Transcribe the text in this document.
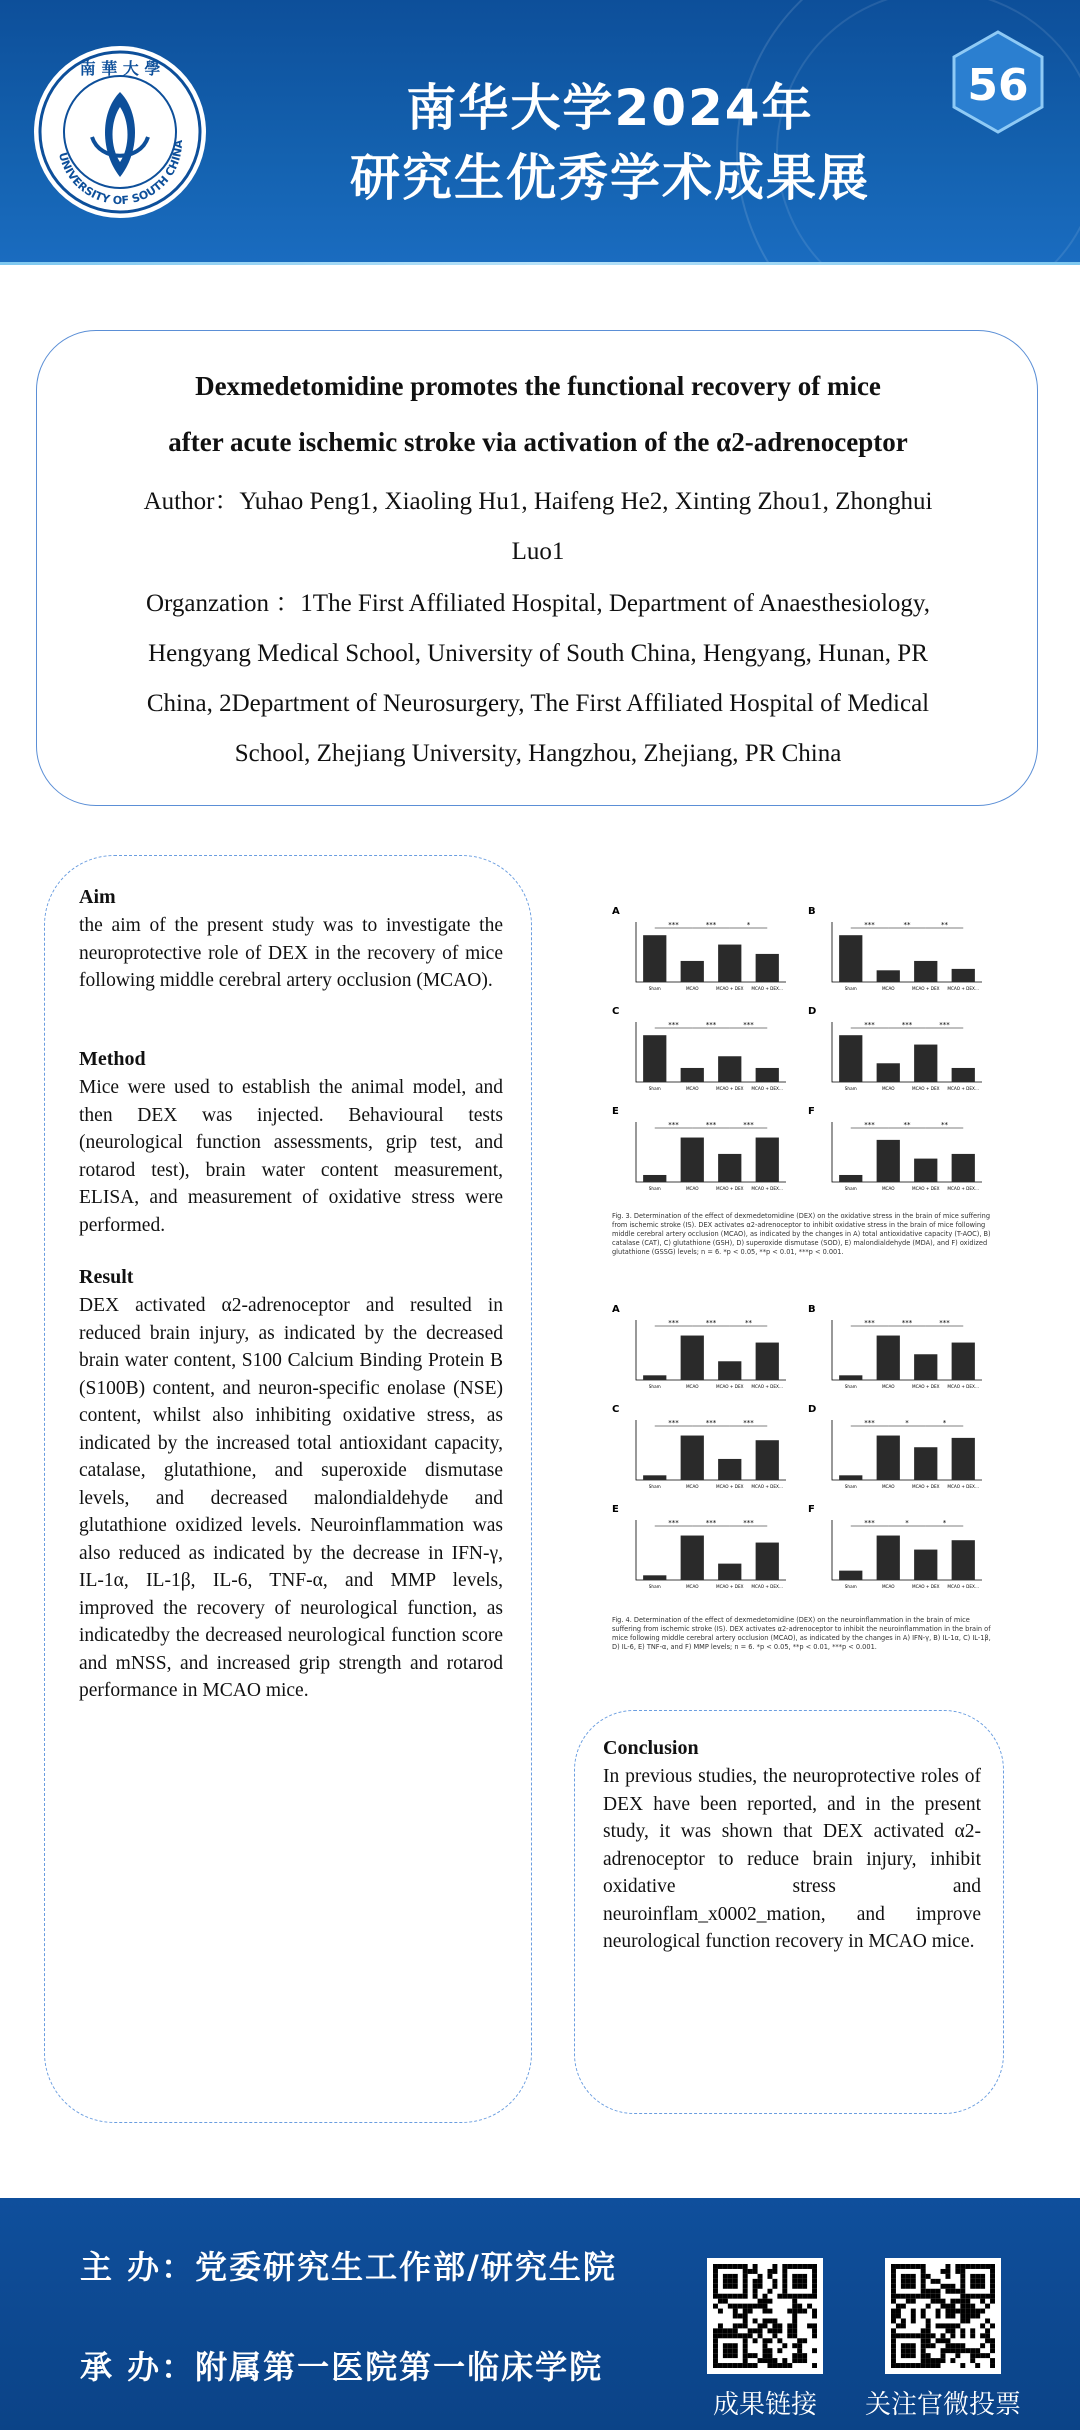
UNIVERSITY OF SOUTH CHINA
南 華 大 學
南华大学2024年
研究生优秀学术成果展
56
Dexmedetomidine promotes the functional recovery of mice
after acute ischemic stroke via activation of the α2-adrenoceptor
Author：Yuhao Peng1, Xiaoling Hu1, Haifeng He2, Xinting Zhou1, Zhonghui
Luo1
Organzation ：1The First Affiliated Hospital, Department of Anaesthesiology,
Hengyang Medical School, University of South China, Hengyang, Hunan, PR
China, 2Department of Neurosurgery, The First Affiliated Hospital of Medical
School, Zhejiang University, Hangzhou, Zhejiang, PR China
Aim
the aim of the present study was to investigate the neuroprotective role of DEX in the recovery of mice following middle cerebral artery occlusion (MCAO).
Method
Mice were used to establish the animal model, and then DEX was injected. Behavioural tests (neurological function assessments, grip test, and rotarod test), brain water content measurement, ELISA, and measurement of oxidative stress were performed.
Result
DEX activated α2-adrenoceptor and resulted in reduced brain injury, as indicated by the decreased brain water content, S100 Calcium Binding Protein B (S100B) content, and neuron-specific enolase (NSE) content, whilst also inhibiting oxidative stress, as indicated by the increased total antioxidant capacity, catalase, glutathione, and superoxide dismutase levels, and decreased malondialdehyde and glutathione oxidized levels. Neuroinflammation was also reduced as indicated by the decrease in IFN-γ, IL-1α, IL-1β, IL-6, TNF-α, and MMP levels, improved the recovery of neurological function, as indicatedby the decreased neurological function score and mNSS, and increased grip strength and rotarod performance in MCAO mice.
Fig. 3. Determination of the effect of dexmedetomidine (DEX) on the oxidative stress in the brain of mice suffering from ischemic stroke (IS). DEX activates α2-adrenoceptor to inhibit oxidative stress in the brain of mice following middle cerebral artery occlusion (MCAO), as indicated by the changes in A) total antioxidative capacity (T-AOC), B) catalase (CAT), C) glutathione (GSH), D) superoxide dismutase (SOD), E) malondialdehyde (MDA), and F) oxidized glutathione (GSSG) levels; n = 6. *p < 0.05, **p < 0.01, ***p < 0.001.
A
Sham	MCAO	MCAO + DEX MCAO + DEX…
***	***	*
B
Sham	MCAO	MCAO + DEX MCAO + DEX…
***	**	**
C
Sham	MCAO	MCAO + DEX MCAO + DEX…
***	***	***
D
Sham	MCAO	MCAO + DEX MCAO + DEX…
***	***	***
E
Sham	MCAO	MCAO + DEX MCAO + DEX…
***	***	***
F
Sham	MCAO	MCAO + DEX MCAO + DEX…
***	**	**
Fig. 4. Determination of the effect of dexmedetomidine (DEX) on the neuroinflammation in the brain of mice suffering from ischemic stroke (IS). DEX activates α2-adrenoceptor to inhibit the neuroinflammation in the brain of mice following middle cerebral artery occlusion (MCAO), as indicated by the changes in A) IFN-γ, B) IL-1α, C) IL-1β, D) IL-6, E) TNF-α, and F) MMP levels; n = 6. *p < 0.05, **p < 0.01, ***p < 0.001.
A
Sham	MCAO	MCAO + DEX MCAO + DEX…
***	***	**
B
Sham	MCAO	MCAO + DEX MCAO + DEX…
***	***	***
C
Sham	MCAO	MCAO + DEX MCAO + DEX…
***	***	***
D
Sham	MCAO	MCAO + DEX MCAO + DEX…
***	*	*
E
Sham	MCAO	MCAO + DEX MCAO + DEX…
***	***	***
F
Sham	MCAO	MCAO + DEX MCAO + DEX…
***	*	*
Conclusion
In previous studies, the neuroprotective roles of DEX have been reported, and in the present study, it was shown that DEX activated α2-adrenoceptor to reduce brain injury, inhibit oxidative stress and neuroinflam_x0002_mation, and improve neurological function recovery in MCAO mice.
主 办：党委研究生工作部/研究生院
承 办：附属第一医院第一临床学院
成果链接	关注官微投票
